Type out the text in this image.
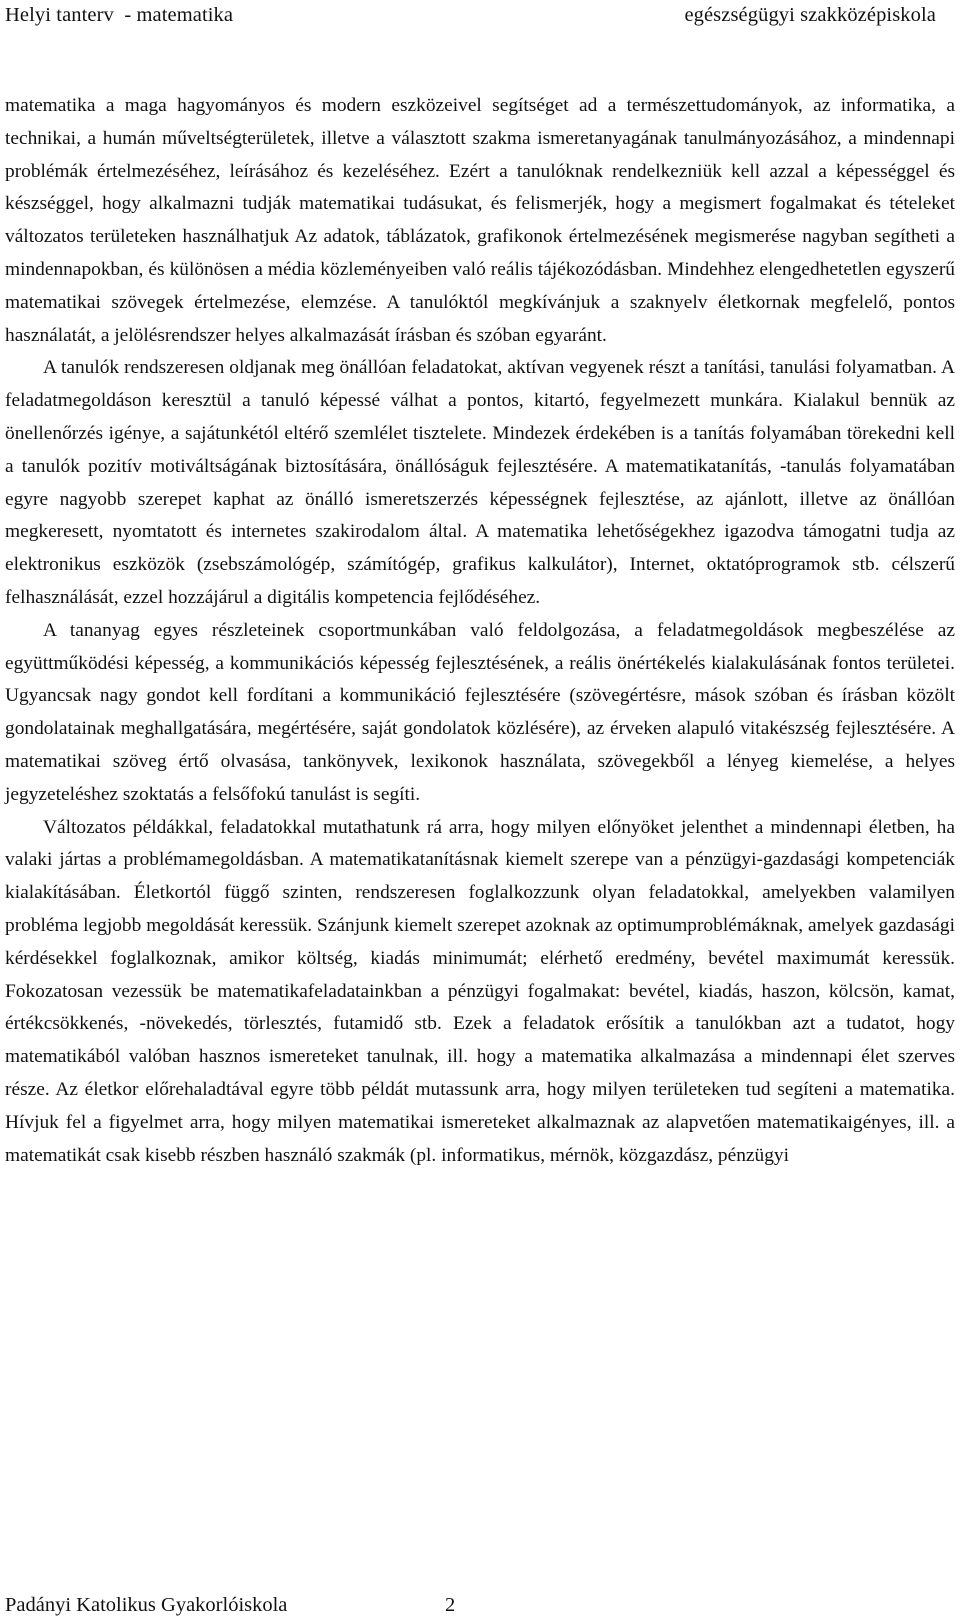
Helyi tanterv  - matematika	egészségügyi szakközépiskola

matematika a maga hagyományos és modern eszközeivel segítséget ad a természettudományok, az informatika, a technikai, a humán műveltségterületek, illetve a választott szakma ismeretanyagának tanulmányozásához, a mindennapi problémák értelmezéséhez, leírásához és kezeléséhez. Ezért a tanulóknak rendelkezniük kell azzal a képességgel és készséggel, hogy alkalmazni tudják matematikai tudásukat, és felismerjék, hogy a megismert fogalmakat és tételeket változatos területeken használhatjuk Az adatok, táblázatok, grafikonok értelmezésének megismerése nagyban segítheti a mindennapokban, és különösen a média közleményeiben való reális tájékozódásban. Mindehhez elengedhetetlen egyszerű matematikai szövegek értelmezése, elemzése. A tanulóktól megkívánjuk a szaknyelv életkornak megfelelő, pontos használatát, a jelölésrendszer helyes alkalmazását írásban és szóban egyaránt.

A tanulók rendszeresen oldjanak meg önállóan feladatokat, aktívan vegyenek részt a tanítási, tanulási folyamatban. A feladatmegoldáson keresztül a tanuló képessé válhat a pontos, kitartó, fegyelmezett munkára. Kialakul bennük az önellenőrzés igénye, a sajátunkétól eltérő szemlélet tisztelete. Mindezek érdekében is a tanítás folyamában törekedni kell a tanulók pozitív motiváltságának biztosítására, önállóságuk fejlesztésére. A matematikatanítás, -tanulás folyamatában egyre nagyobb szerepet kaphat az önálló ismeretszerzés képességnek fejlesztése, az ajánlott, illetve az önállóan megkeresett, nyomtatott és internetes szakirodalom által. A matematika lehetőségekhez igazodva támogatni tudja az elektronikus eszközök (zsebszámológép, számítógép, grafikus kalkulátor), Internet, oktatóprogramok stb. célszerű felhasználását, ezzel hozzájárul a digitális kompetencia fejlődéséhez.

A tananyag egyes részleteinek csoportmunkában való feldolgozása, a feladatmegoldások megbeszélése az együttműködési képesség, a kommunikációs képesség fejlesztésének, a reális önértékelés kialakulásának fontos területei. Ugyancsak nagy gondot kell fordítani a kommunikáció fejlesztésére (szövegértésre, mások szóban és írásban közölt gondolatainak meghallgatására, megértésére, saját gondolatok közlésére), az érveken alapuló vitakészség fejlesztésére. A matematikai szöveg értő olvasása, tankönyvek, lexikonok használata, szövegekből a lényeg kiemelése, a helyes jegyzeteléshez szoktatás a felsőfokú tanulást is segíti.

Változatos példákkal, feladatokkal mutathatunk rá arra, hogy milyen előnyöket jelenthet a mindennapi életben, ha valaki jártas a problémamegoldásban. A matematikatanításnak kiemelt szerepe van a pénzügyi-gazdasági kompetenciák kialakításában. Életkortól függő szinten, rendszeresen foglalkozzunk olyan feladatokkal, amelyekben valamilyen probléma legjobb megoldását keressük. Szánjunk kiemelt szerepet azoknak az optimumproblémáknak, amelyek gazdasági kérdésekkel foglalkoznak, amikor költség, kiadás minimumát; elérhető eredmény, bevétel maximumát keressük. Fokozatosan vezessük be matematikafeladatainkban a pénzügyi fogalmakat: bevétel, kiadás, haszon, kölcsön, kamat, értékcsökkenés, -növekedés, törlesztés, futamidő stb. Ezek a feladatok erősítik a tanulókban azt a tudatot, hogy matematikából valóban hasznos ismereteket tanulnak, ill. hogy a matematika alkalmazása a mindennapi élet szerves része. Az életkor előrehaladtával egyre több példát mutassunk arra, hogy milyen területeken tud segíteni a matematika. Hívjuk fel a figyelmet arra, hogy milyen matematikai ismereteket alkalmaznak az alapvetően matematikaigényes, ill. a matematikát csak kisebb részben használó szakmák (pl. informatikus, mérnök, közgazdász, pénzügyi

Padányi Katolikus Gyakorlóiskola	2
